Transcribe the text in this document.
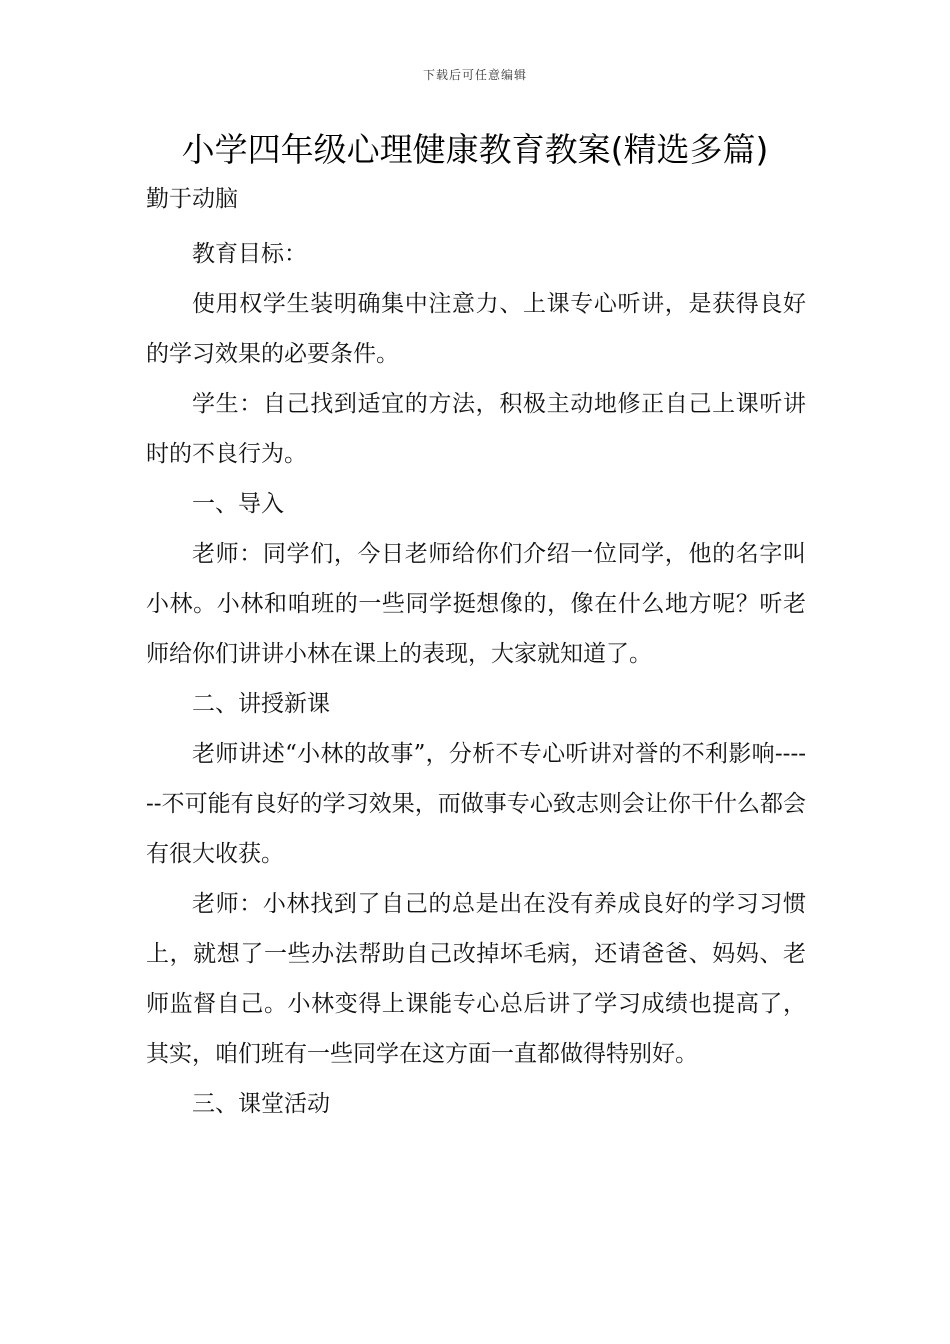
下载后可任意编辑
小学四年级心理健康教育教案(精选多篇)
勤于动脑

教育目标：

使用权学生装明确集中注意力、上课专心听讲，是获得良好的学习效果的必要条件。

学生：自己找到适宜的方法，积极主动地修正自己上课听讲时的不良行为。

一、导入

老师：同学们，今日老师给你们介绍一位同学，他的名字叫小林。小林和咱班的一些同学挺想像的，像在什么地方呢？听老师给你们讲讲小林在课上的表现，大家就知道了。

二、讲授新课

老师讲述“小林的故事”，分析不专心听讲对誉的不利影响------不可能有良好的学习效果，而做事专心致志则会让你干什么都会有很大收获。

老师：小林找到了自己的总是出在没有养成良好的学习习惯上，就想了一些办法帮助自己改掉坏毛病，还请爸爸、妈妈、老师监督自己。小林变得上课能专心总后讲了学习成绩也提高了，其实，咱们班有一些同学在这方面一直都做得特别好。

三、课堂活动
